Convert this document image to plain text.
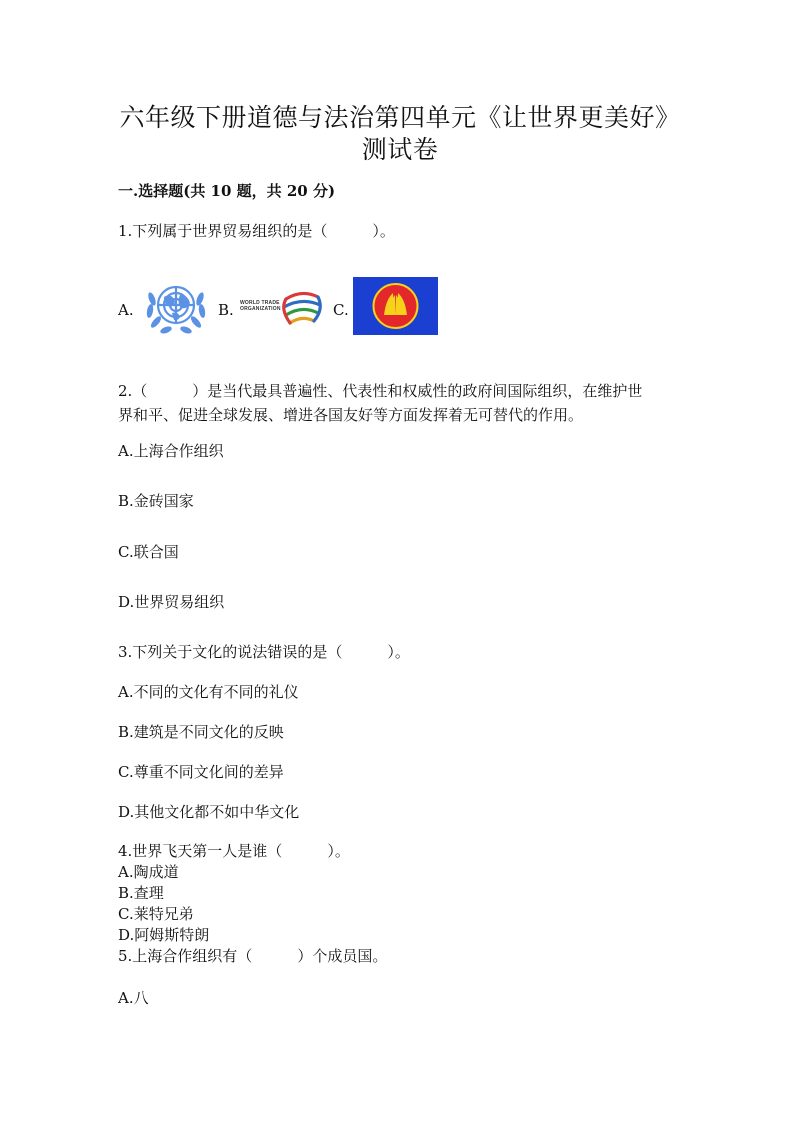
六年级下册道德与法治第四单元《让世界更美好》
测试卷
一.选择题(共 10 题，共 20 分)
1.下列属于世界贸易组织的是（　　　）。
A.	B. WORLD TRADE
ORGANIZATION	C.
2.（　　　）是当代最具普遍性、代表性和权威性的政府间国际组织，在维护世
界和平、促进全球发展、增进各国友好等方面发挥着无可替代的作用。
A.上海合作组织
B.金砖国家
C.联合国
D.世界贸易组织
3.下列关于文化的说法错误的是（　　　）。
A.不同的文化有不同的礼仪
B.建筑是不同文化的反映
C.尊重不同文化间的差异
D.其他文化都不如中华文化
4.世界飞天第一人是谁（　　　）。
A.陶成道
B.查理
C.莱特兄弟
D.阿姆斯特朗
5.上海合作组织有（　　　）个成员国。
A.八
